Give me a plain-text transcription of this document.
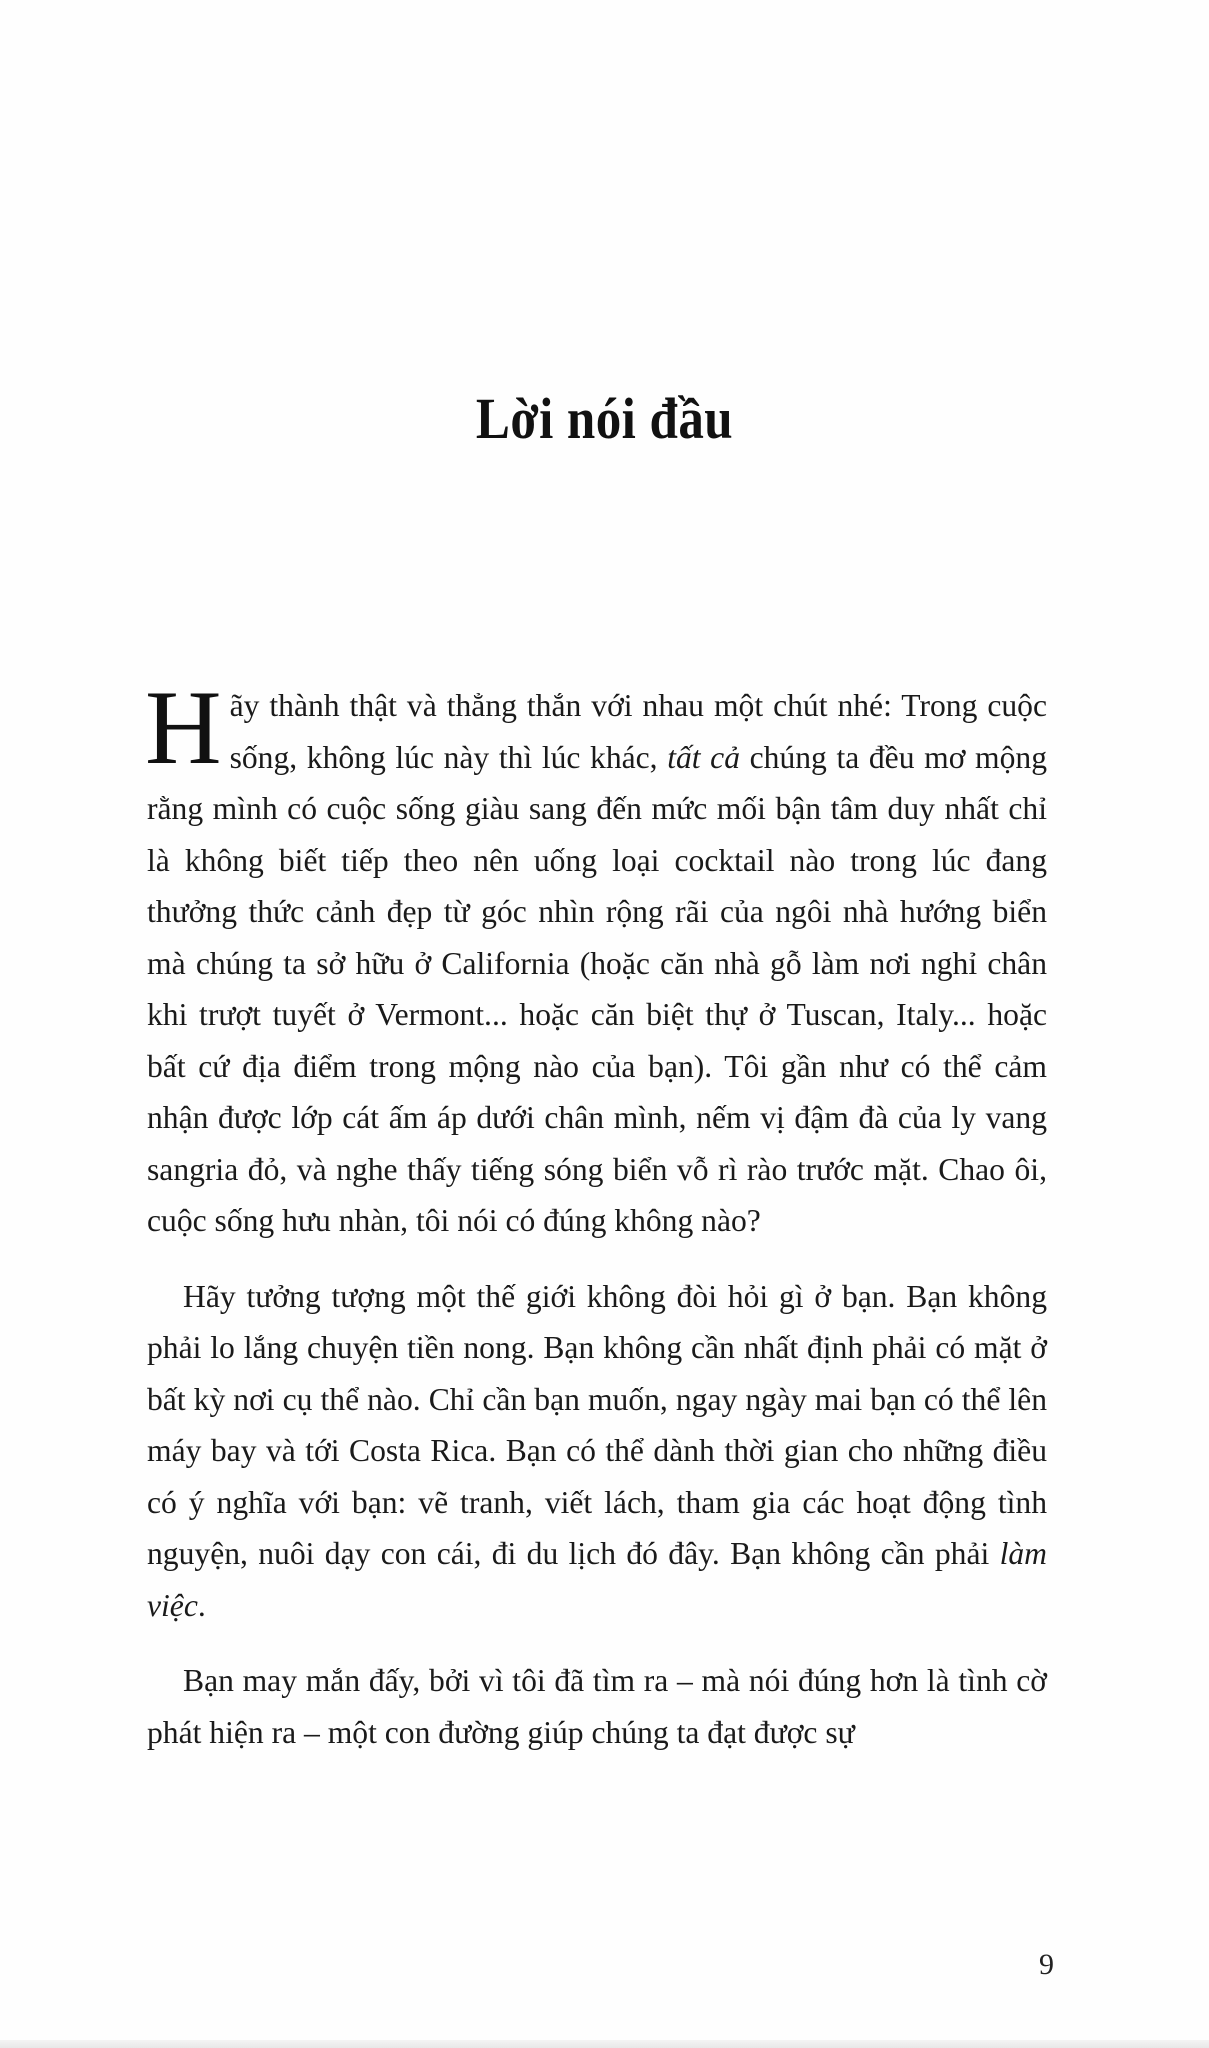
Lời nói đầu

Hãy thành thật và thẳng thắn với nhau một chút nhé: Trong cuộc sống, không lúc này thì lúc khác, tất cả chúng ta đều mơ mộng rằng mình có cuộc sống giàu sang đến mức mối bận tâm duy nhất chỉ là không biết tiếp theo nên uống loại cocktail nào trong lúc đang thưởng thức cảnh đẹp từ góc nhìn rộng rãi của ngôi nhà hướng biển mà chúng ta sở hữu ở California (hoặc căn nhà gỗ làm nơi nghỉ chân khi trượt tuyết ở Vermont... hoặc căn biệt thự ở Tuscan, Italy... hoặc bất cứ địa điểm trong mộng nào của bạn). Tôi gần như có thể cảm nhận được lớp cát ấm áp dưới chân mình, nếm vị đậm đà của ly vang sangria đỏ, và nghe thấy tiếng sóng biển vỗ rì rào trước mặt. Chao ôi, cuộc sống hưu nhàn, tôi nói có đúng không nào?

Hãy tưởng tượng một thế giới không đòi hỏi gì ở bạn. Bạn không phải lo lắng chuyện tiền nong. Bạn không cần nhất định phải có mặt ở bất kỳ nơi cụ thể nào. Chỉ cần bạn muốn, ngay ngày mai bạn có thể lên máy bay và tới Costa Rica. Bạn có thể dành thời gian cho những điều có ý nghĩa với bạn: vẽ tranh, viết lách, tham gia các hoạt động tình nguyện, nuôi dạy con cái, đi du lịch đó đây. Bạn không cần phải làm việc.

Bạn may mắn đấy, bởi vì tôi đã tìm ra – mà nói đúng hơn là tình cờ phát hiện ra – một con đường giúp chúng ta đạt được sự

9
